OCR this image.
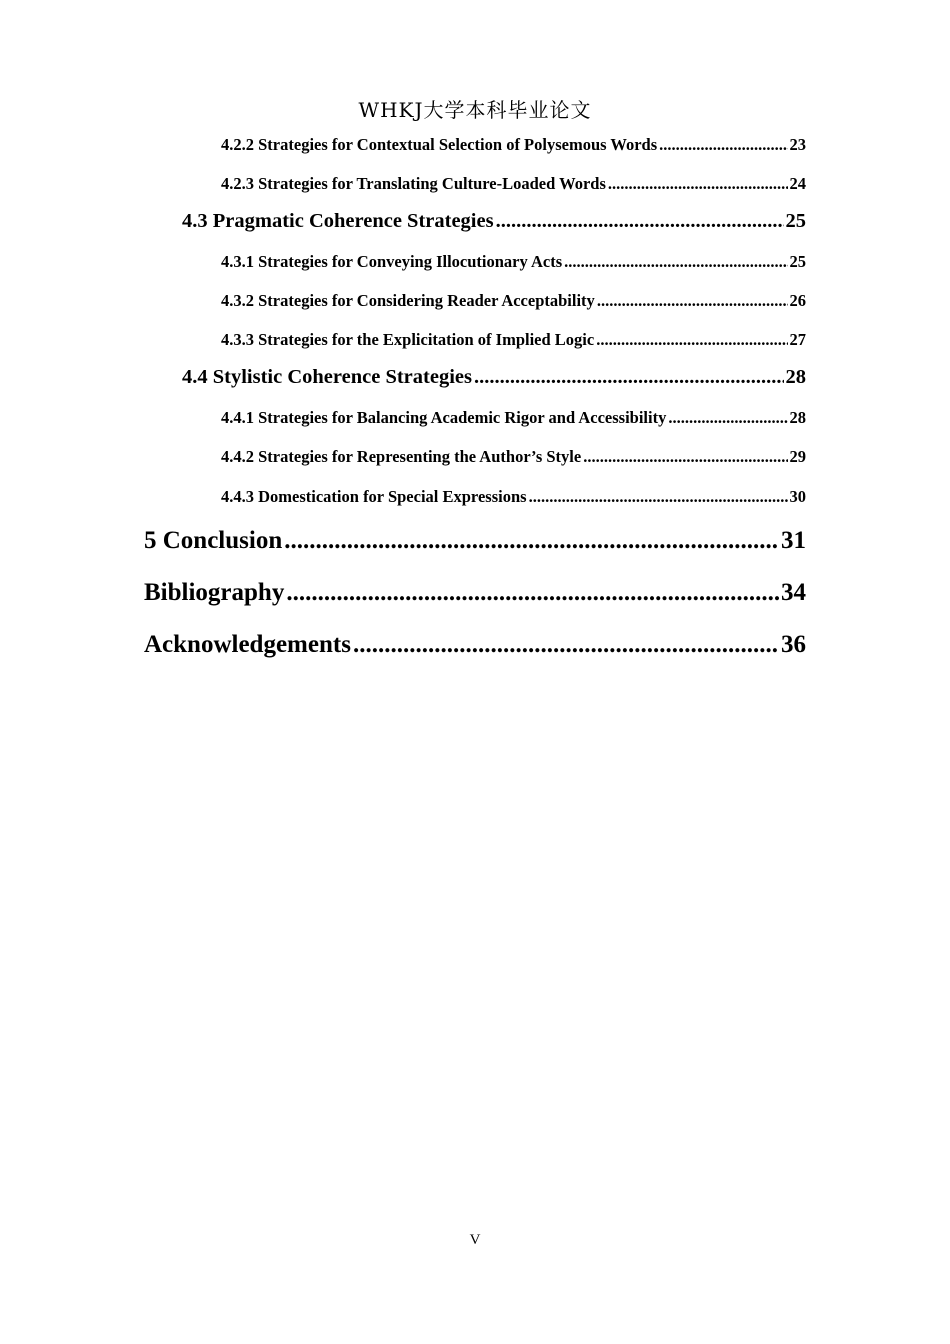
WHKJ大学本科毕业论文
4.2.2 Strategies for Contextual Selection of Polysemous Words .....	23
4.2.3 Strategies for Translating Culture-Loaded Words .....	24
4.3 Pragmatic Coherence Strategies .....	25
4.3.1 Strategies for Conveying Illocutionary Acts .....	25
4.3.2 Strategies for Considering Reader Acceptability .....	26
4.3.3 Strategies for the Explicitation of Implied Logic .....	27
4.4 Stylistic Coherence Strategies .....	28
4.4.1 Strategies for Balancing Academic Rigor and Accessibility .....	28
4.4.2 Strategies for Representing the Author’s Style .....	29
4.4.3 Domestication for Special Expressions .....	30
5 Conclusion .....	31
Bibliography .....	34
Acknowledgements .....	36
V
